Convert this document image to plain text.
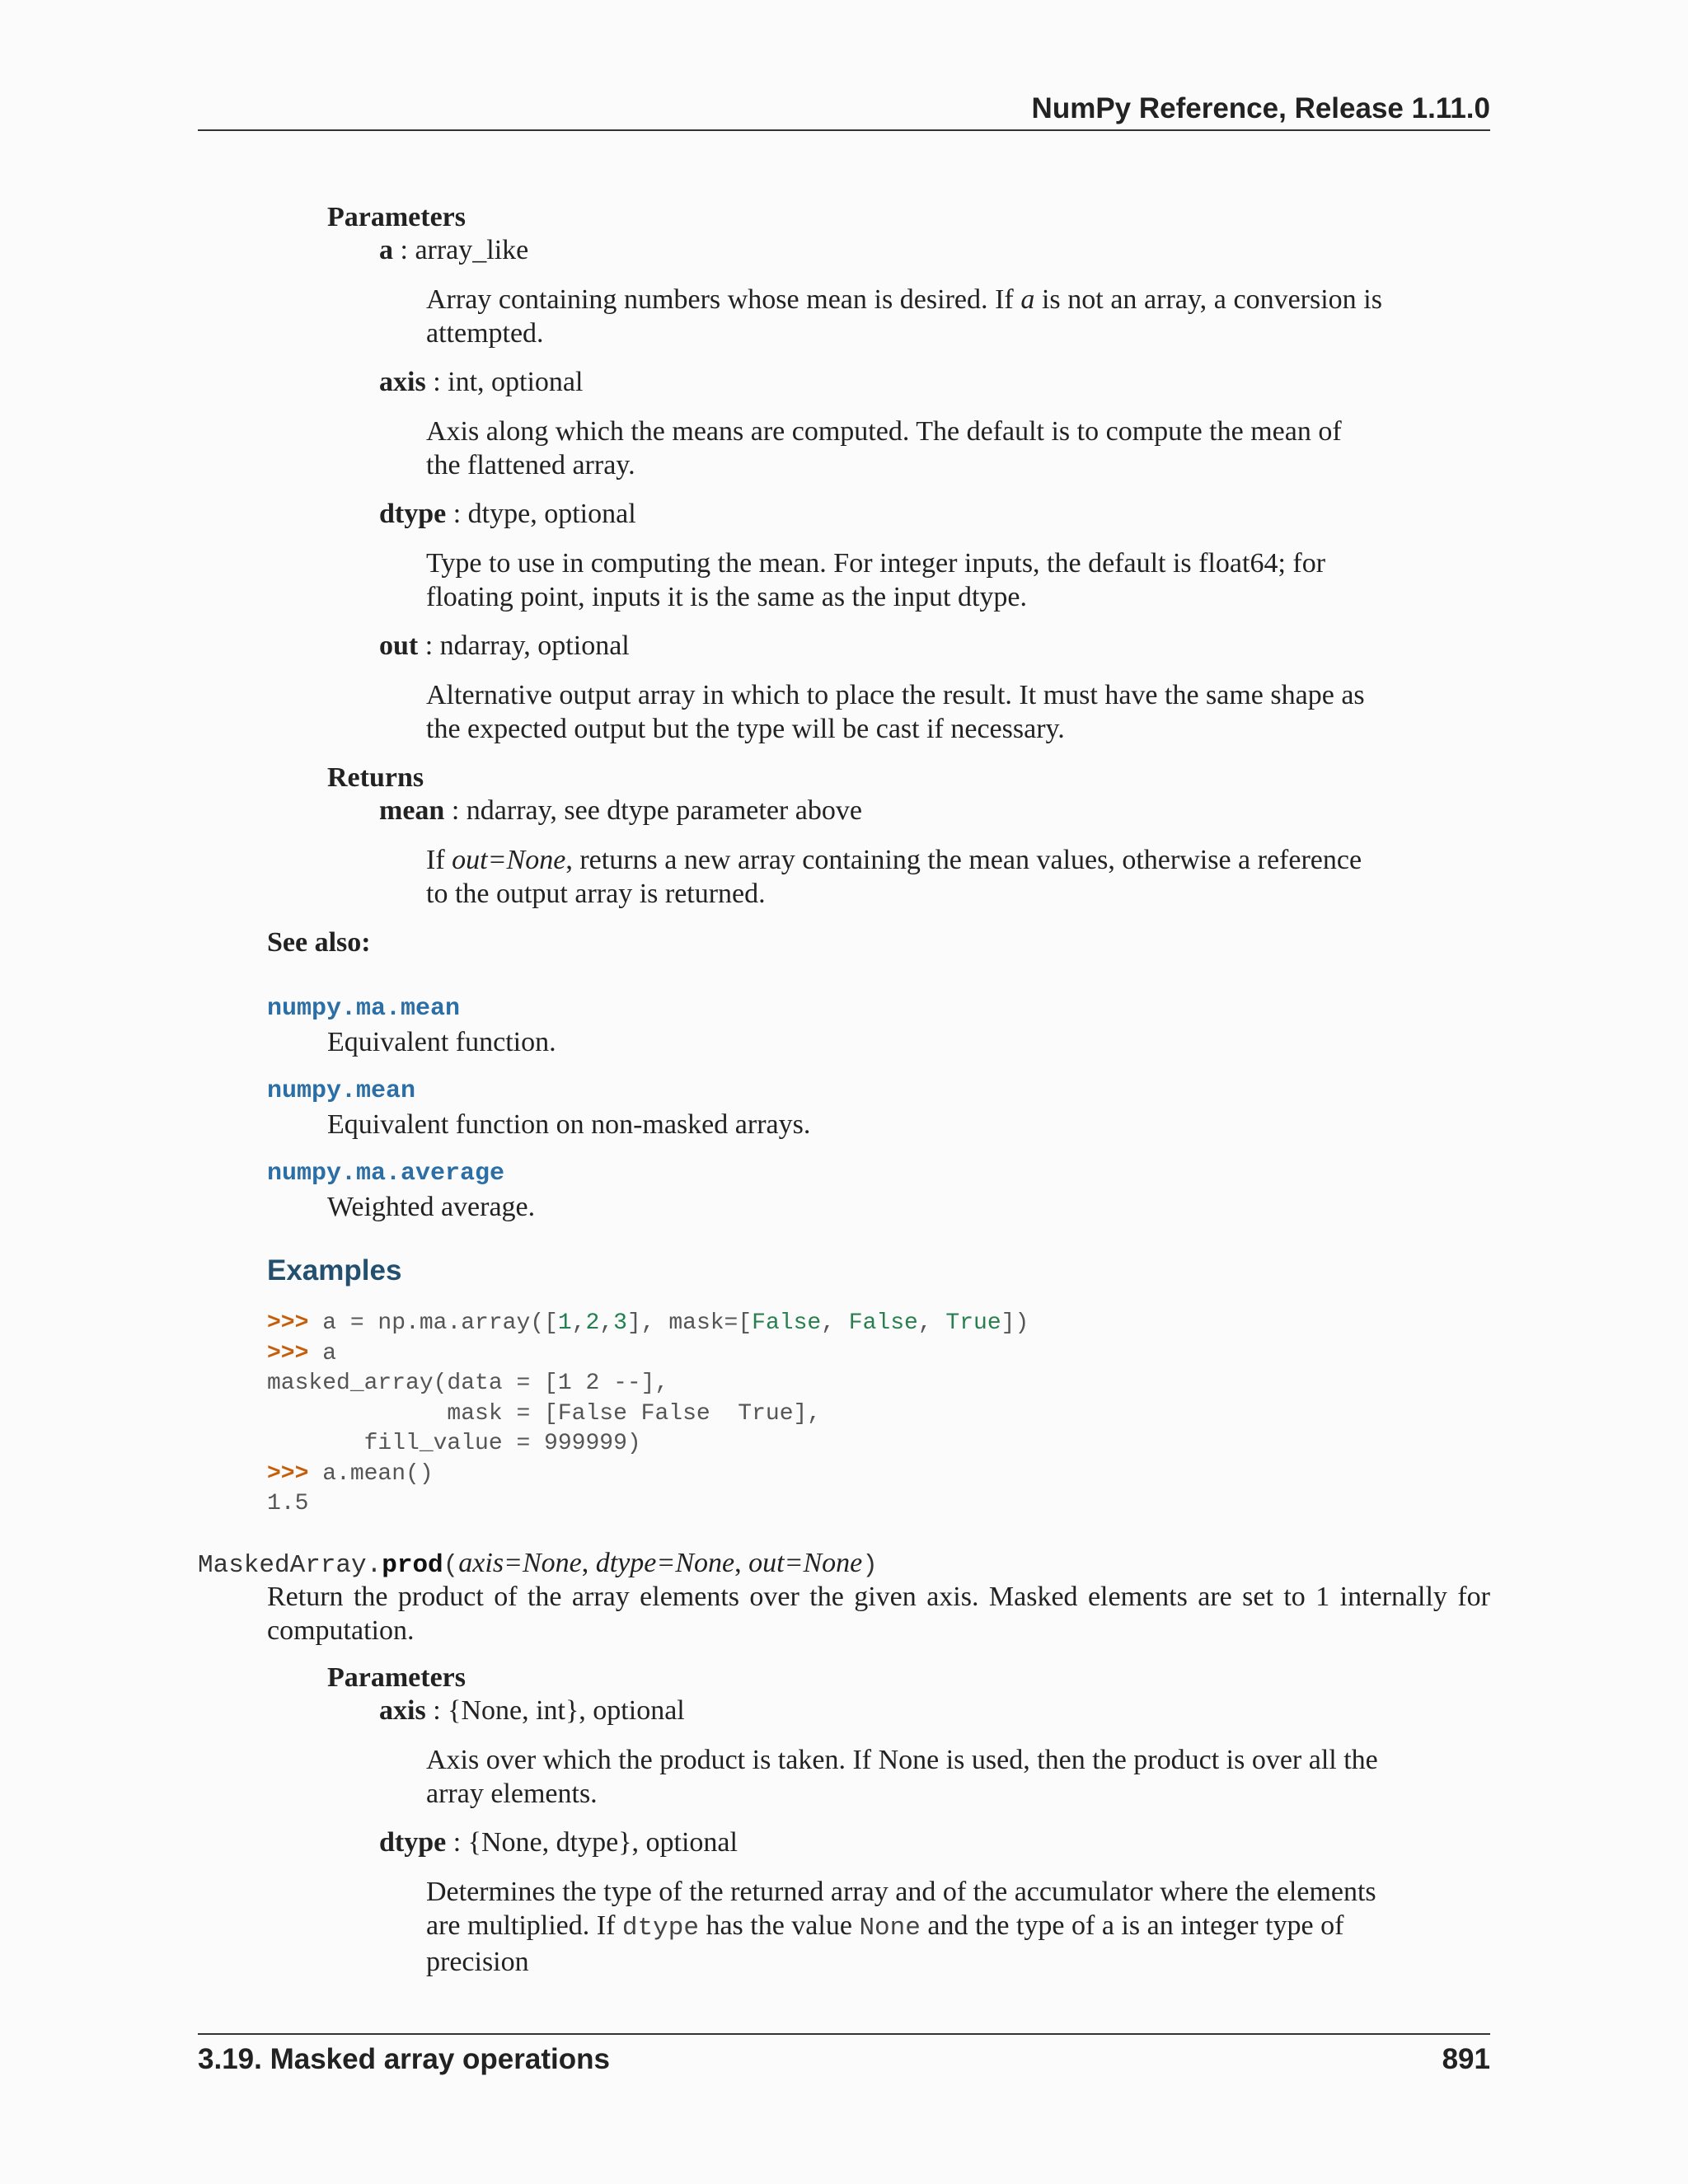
NumPy Reference, Release 1.11.0
Parameters
a : array_like
Array containing numbers whose mean is desired. If a is not an array, a conversion is attempted.
axis : int, optional
Axis along which the means are computed. The default is to compute the mean of the flattened array.
dtype : dtype, optional
Type to use in computing the mean. For integer inputs, the default is float64; for floating point, inputs it is the same as the input dtype.
out : ndarray, optional
Alternative output array in which to place the result. It must have the same shape as the expected output but the type will be cast if necessary.
Returns
mean : ndarray, see dtype parameter above
If out=None, returns a new array containing the mean values, otherwise a reference to the output array is returned.
See also:
numpy.ma.mean
Equivalent function.
numpy.mean
Equivalent function on non-masked arrays.
numpy.ma.average
Weighted average.
Examples
>>> a = np.ma.array([1,2,3], mask=[False, False, True])
>>> a
masked_array(data = [1 2 --],
mask = [False False  True],
fill_value = 999999)
>>> a.mean()
1.5
MaskedArray.prod(axis=None, dtype=None, out=None)
Return the product of the array elements over the given axis. Masked elements are set to 1 internally for computation.
Parameters
axis : {None, int}, optional
Axis over which the product is taken. If None is used, then the product is over all the array elements.
dtype : {None, dtype}, optional
Determines the type of the returned array and of the accumulator where the elements are multiplied. If dtype has the value None and the type of a is an integer type of precision
3.19. Masked array operations	891
